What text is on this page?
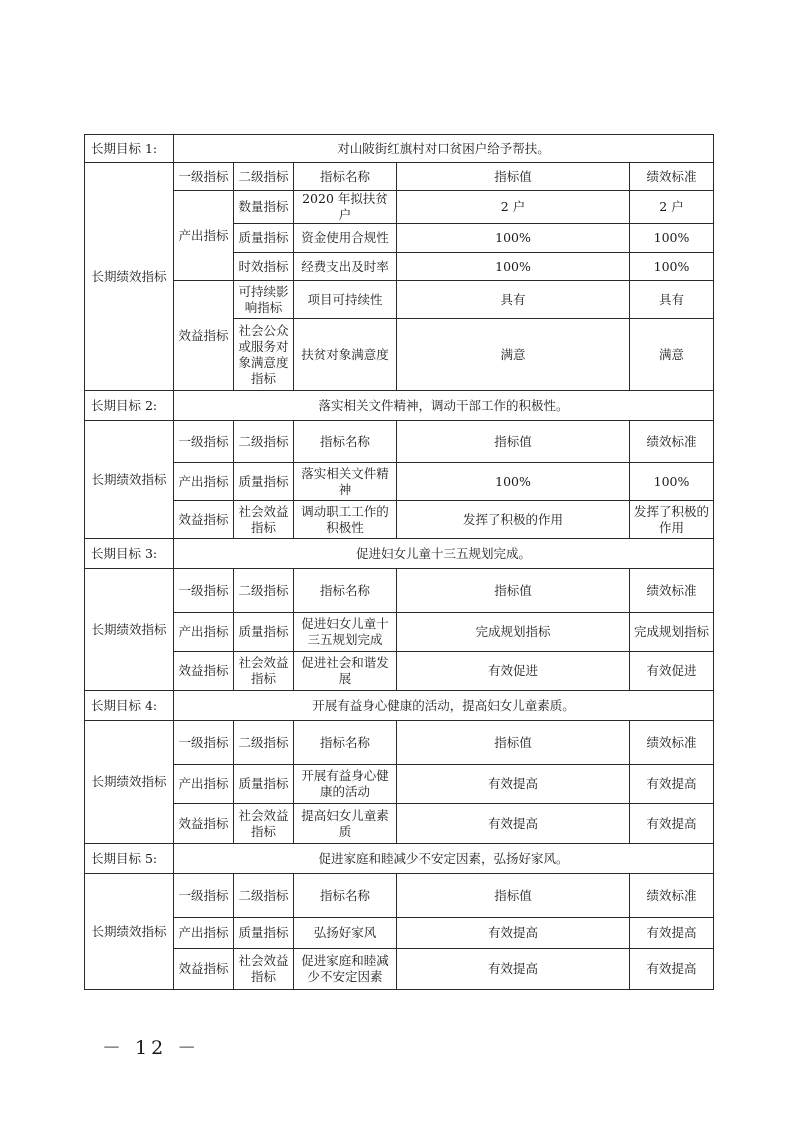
长期目标 1:	对山陂街红旗村对口贫困户给予帮扶。				
长期绩效指标	一级指标	二级指标	指标名称	指标值	绩效标准
	产出指标	数量指标	2020 年拟扶贫户	2 户	2 户
		质量指标	资金使用合规性	100%	100%
		时效指标	经费支出及时率	100%	100%
	效益指标	可持续影响指标	项目可持续性	具有	具有
		社会公众或服务对象满意度指标	扶贫对象满意度	满意	满意
长期目标 2:	落实相关文件精神，调动干部工作的积极性。				
长期绩效指标	一级指标	二级指标	指标名称	指标值	绩效标准
	产出指标	质量指标	落实相关文件精神	100%	100%
	效益指标	社会效益指标	调动职工工作的积极性	发挥了积极的作用	发挥了积极的作用
长期目标 3:	促进妇女儿童十三五规划完成。				
长期绩效指标	一级指标	二级指标	指标名称	指标值	绩效标准
	产出指标	质量指标	促进妇女儿童十三五规划完成	完成规划指标	完成规划指标
	效益指标	社会效益指标	促进社会和谐发展	有效促进	有效促进
长期目标 4:	开展有益身心健康的活动，提高妇女儿童素质。				
长期绩效指标	一级指标	二级指标	指标名称	指标值	绩效标准
	产出指标	质量指标	开展有益身心健康的活动	有效提高	有效提高
	效益指标	社会效益指标	提高妇女儿童素质	有效提高	有效提高
长期目标 5:	促进家庭和睦减少不安定因素，弘扬好家风。				
长期绩效指标	一级指标	二级指标	指标名称	指标值	绩效标准
	产出指标	质量指标	弘扬好家风	有效提高	有效提高
	效益指标	社会效益指标	促进家庭和睦减少不安定因素	有效提高	有效提高
－ 12 －
